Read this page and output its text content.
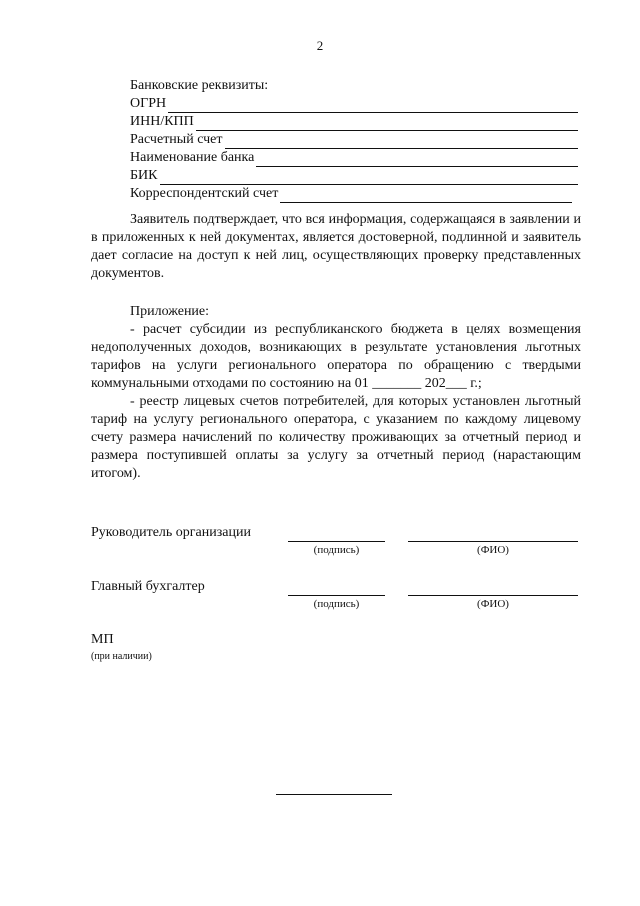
2
Банковские реквизиты:
ОГРН
ИНН/КПП
Расчетный счет
Наименование банка
БИК
Корреспондентский счет

Заявитель подтверждает, что вся информация, содержащаяся в заявлении и в приложенных к ней документах, является достоверной, подлинной и заявитель дает согласие на доступ к ней лиц, осуществляющих проверку представленных документов.

Приложение:

- расчет субсидии из республиканского бюджета в целях возмещения недополученных доходов, возникающих в результате установления льготных тарифов на услуги регионального оператора по обращению с твердыми коммунальными отходами по состоянию на 01 _______ 202___ г.;

- реестр лицевых счетов потребителей, для которых установлен льготный тариф на услугу регионального оператора, с указанием по каждому лицевому счету размера начислений по количеству проживающих за отчетный период и размера поступившей оплаты за услугу за отчетный период (нарастающим итогом).

Руководитель организации
(подпись)	(ФИО)
Главный бухгалтер
(подпись)	(ФИО)
МП
(при наличии)
